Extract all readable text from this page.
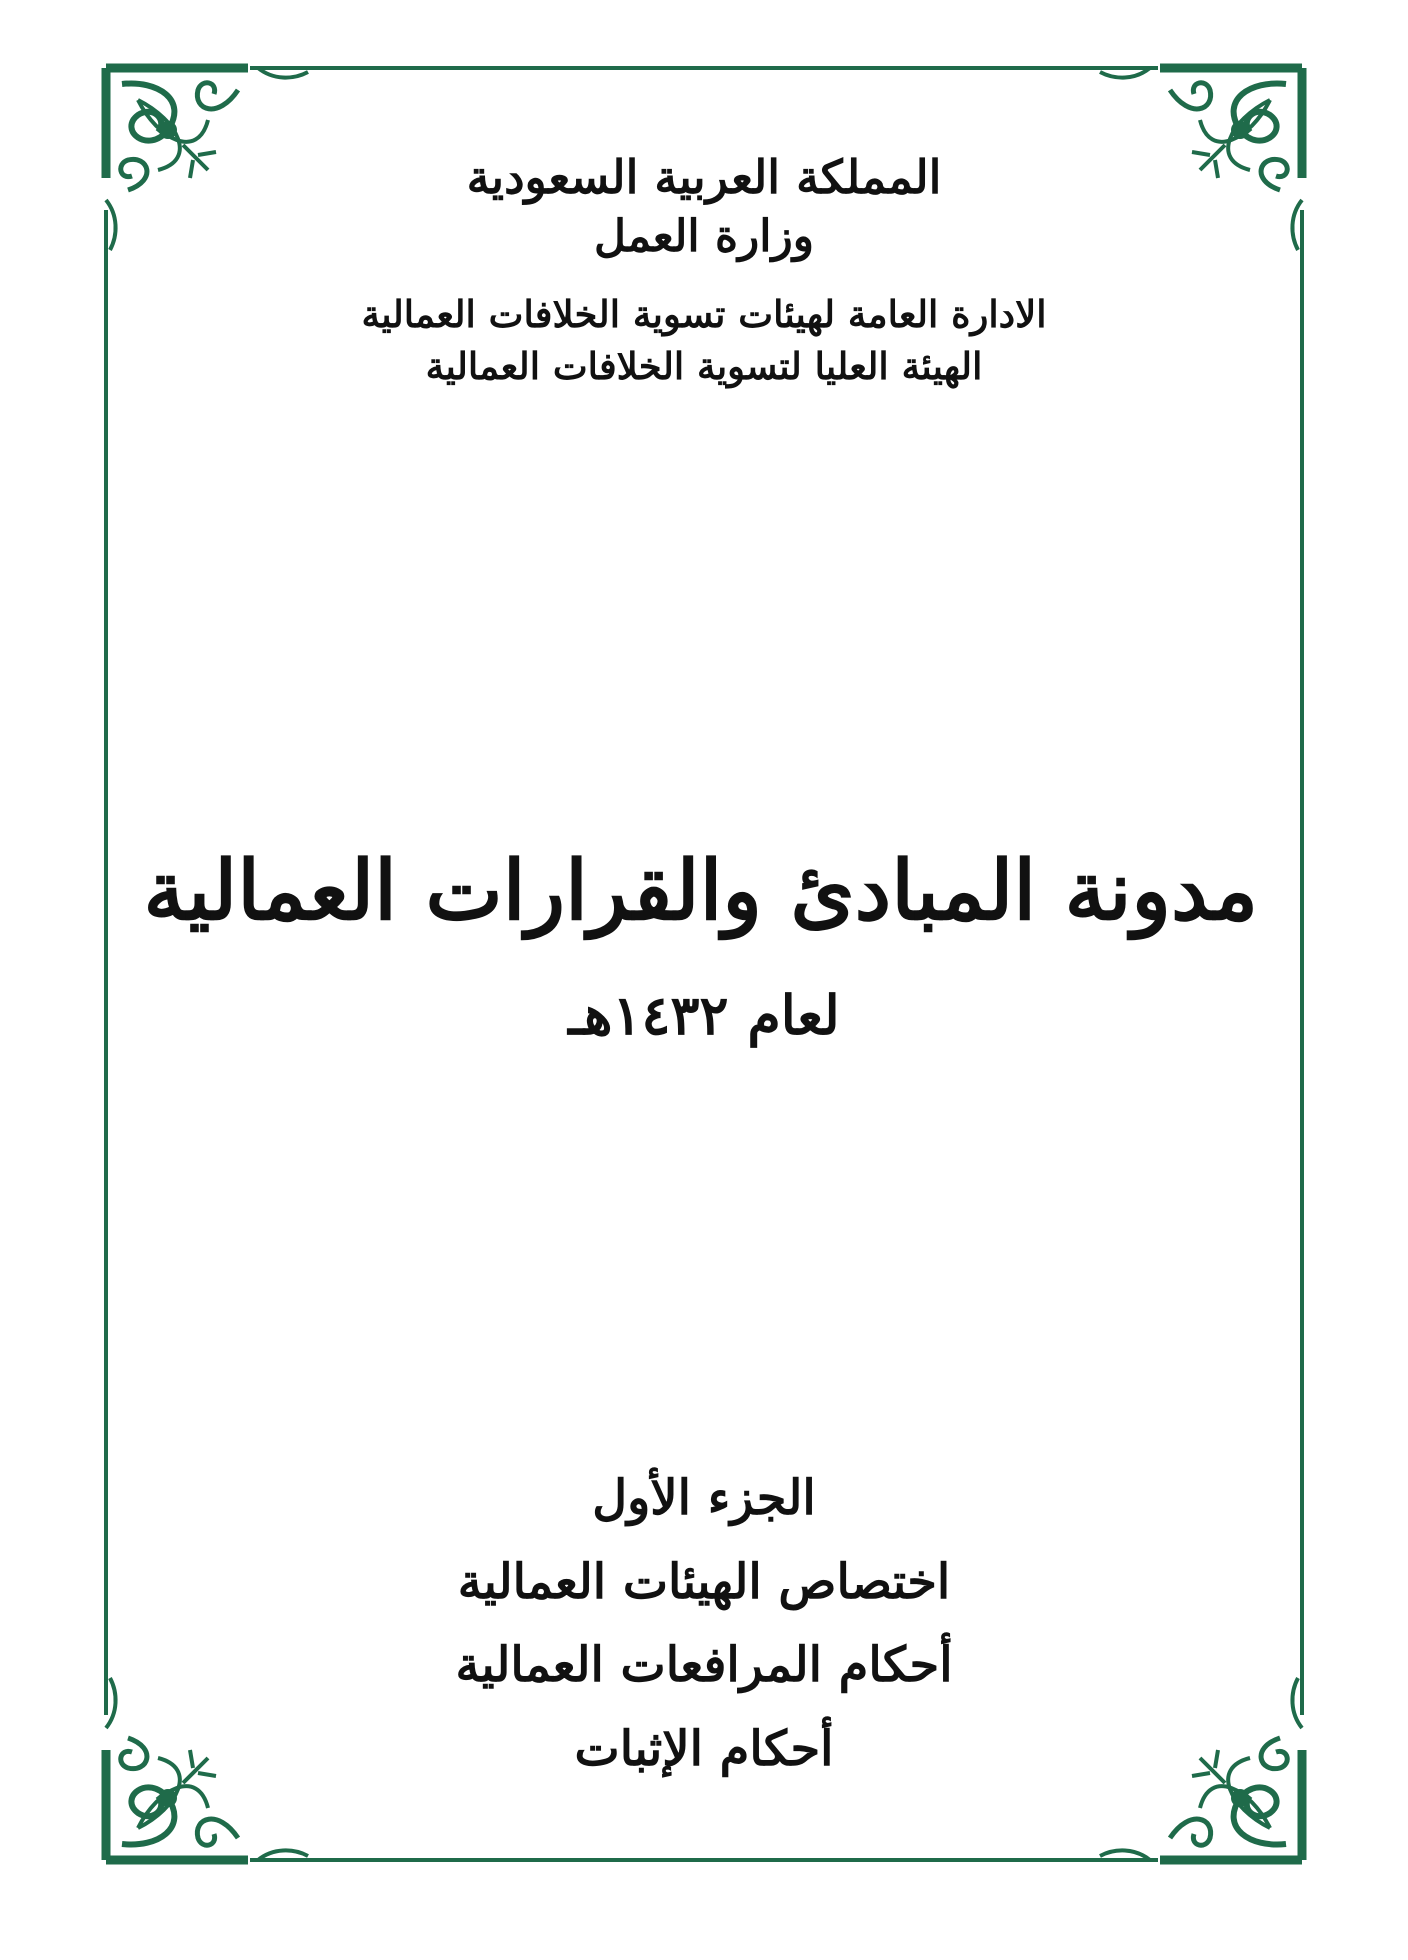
المملكة العربية السعودية
وزارة العمل
الادارة العامة لهيئات تسوية الخلافات العمالية
الهيئة العليا لتسوية الخلافات العمالية
مدونة المبادئ والقرارات العمالية
لعام ١٤٣٢هـ
الجزء الأول
اختصاص الهيئات العمالية
أحكام المرافعات العمالية
أحكام الإثبات
